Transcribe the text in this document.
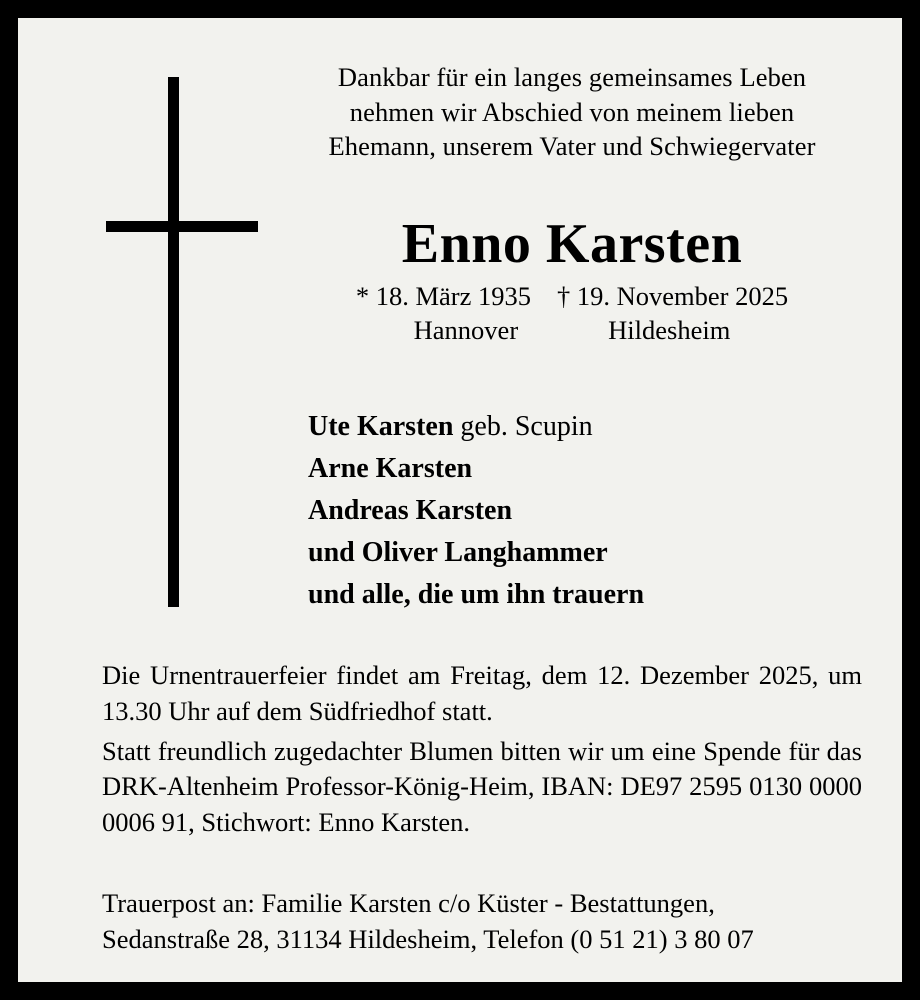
Dankbar für ein langes gemeinsames Leben
nehmen wir Abschied von meinem lieben
Ehemann, unserem Vater und Schwiegervater
Enno Karsten
* 18. März 1935 † 19. November 2025
Hannover	Hildesheim
Ute Karsten geb. Scupin
Arne Karsten
Andreas Karsten
und Oliver Langhammer
und alle, die um ihn trauern

Die Urnentrauerfeier findet am Freitag, dem 12. Dezember 2025, um 13.30 Uhr auf dem Südfriedhof statt.

Statt freundlich zugedachter Blumen bitten wir um eine Spende für das DRK-Altenheim Professor-König-Heim, IBAN: DE97 2595 0130 0000 0006 91, Stichwort: Enno Karsten.

Trauerpost an: Familie Karsten c/o Küster - Bestattungen,

Sedanstraße 28, 31134 Hildesheim, Telefon (0 51 21) 3 80 07
